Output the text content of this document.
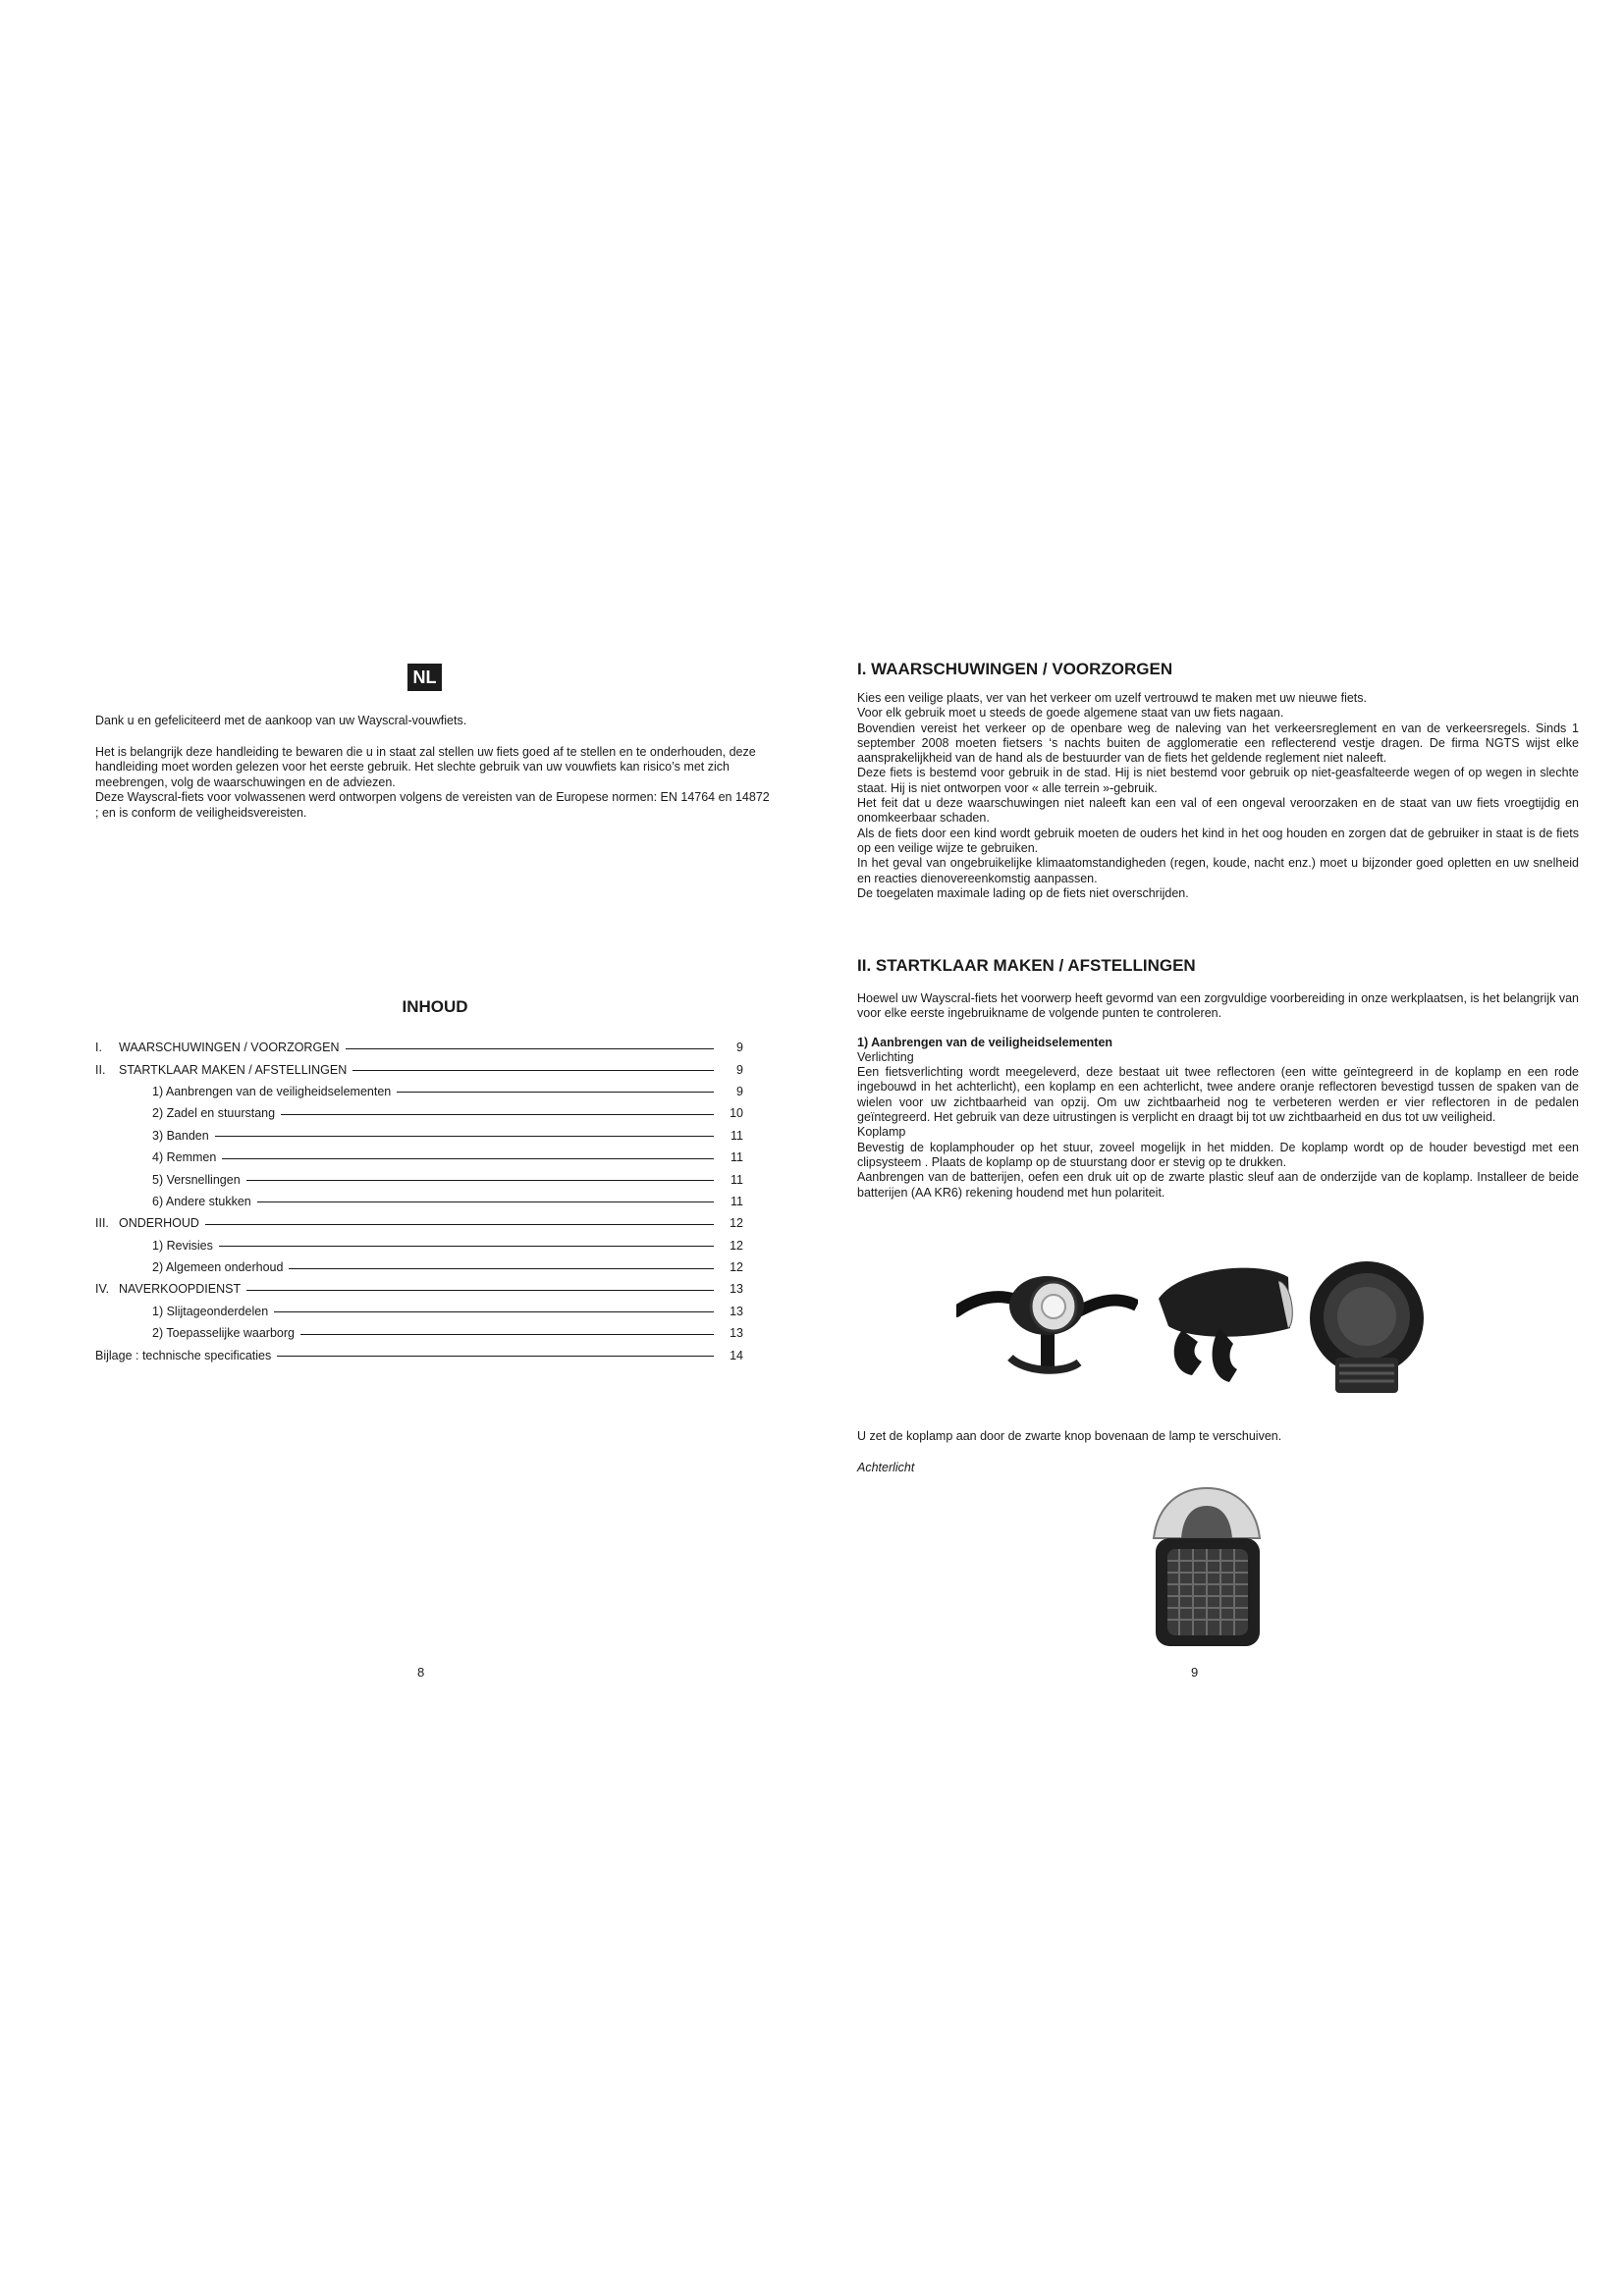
NL

Dank u en gefeliciteerd met de aankoop van uw Wayscral-vouwfiets.

Het is belangrijk deze handleiding te bewaren die u in staat zal stellen uw fiets goed af te stellen en te onderhouden, deze handleiding moet worden gelezen voor het eerste gebruik. Het slechte gebruik van uw vouwfiets kan risico’s met zich meebrengen, volg de waarschuwingen en de adviezen.

Deze Wayscral-fiets voor volwassenen werd ontworpen volgens de vereisten van de Europese normen: EN 14764 en 14872 ; en is conform de veiligheidsvereisten.

INHOUD
I.	WAARSCHUWINGEN / VOORZORGEN	9
II.	STARTKLAAR MAKEN / AFSTELLINGEN	9
1) Aanbrengen van de veiligheidselementen	9
2) Zadel en stuurstang	10
3) Banden	11
4) Remmen	11
5) Versnellingen	11
6) Andere stukken	11
III. ONDERHOUD	12
1) Revisies	12
2) Algemeen onderhoud	12
IV. NAVERKOOPDIENST	13
1) Slijtageonderdelen	13
2) Toepasselijke waarborg	13
Bijlage : technische specificaties	14
8
I. WAARSCHUWINGEN / VOORZORGEN

Kies een veilige plaats, ver van het verkeer om uzelf vertrouwd te maken met uw nieuwe fiets.

Voor elk gebruik moet u steeds de goede algemene staat van uw fiets nagaan.

Bovendien vereist het verkeer op de openbare weg de naleving van het verkeersreglement en van de verkeersregels. Sinds 1 september 2008 moeten fietsers ‘s nachts buiten de agglomeratie een reflecterend vestje dragen. De firma NGTS wijst elke aansprakelijkheid van de hand als de bestuurder van de fiets het geldende reglement niet naleeft.

Deze fiets is bestemd voor gebruik in de stad. Hij is niet bestemd voor gebruik op niet-geasfalteerde wegen of op wegen in slechte staat. Hij is niet ontworpen voor « alle terrein »-gebruik.

Het feit dat u deze waarschuwingen niet naleeft kan een val of een ongeval veroorzaken en de staat van uw fiets vroegtijdig en onomkeerbaar schaden.

Als de fiets door een kind wordt gebruik moeten de ouders het kind in het oog houden en zorgen dat de gebruiker in staat is de fiets op een veilige wijze te gebruiken.

In het geval van ongebruikelijke klimaatomstandigheden (regen, koude, nacht enz.) moet u bijzonder goed opletten en uw snelheid en reacties dienovereenkomstig aanpassen.

De toegelaten maximale lading op de fiets niet overschrijden.

II. STARTKLAAR MAKEN / AFSTELLINGEN

Hoewel uw Wayscral-fiets het voorwerp heeft gevormd van een zorgvuldige voorbereiding in onze werkplaatsen, is het belangrijk van voor elke eerste ingebruikname de volgende punten te controleren.

1) Aanbrengen van de veiligheidselementen

Verlichting

Een fietsverlichting wordt meegeleverd, deze bestaat uit twee reflectoren (een witte geïntegreerd in de koplamp en een rode ingebouwd in het achterlicht), een koplamp en een achterlicht, twee andere oranje reflectoren bevestigd tussen de spaken van de wielen voor uw zichtbaarheid van opzij. Om uw zichtbaarheid nog te verbeteren werden er vier reflectoren in de pedalen geïntegreerd. Het gebruik van deze uitrustingen is verplicht en draagt bij tot uw zichtbaarheid en dus tot uw veiligheid.

Koplamp

Bevestig de koplamphouder op het stuur, zoveel mogelijk in het midden. De koplamp wordt op de houder bevestigd met een clipsysteem . Plaats de koplamp op de stuurstang door er stevig op te drukken.

Aanbrengen van de batterijen, oefen een druk uit op de zwarte plastic sleuf aan de onderzijde van de koplamp. Installeer de beide batterijen (AA KR6) rekening houdend met hun polariteit.

U zet de koplamp aan door de zwarte knop bovenaan de lamp te verschuiven.
Achterlicht
9
